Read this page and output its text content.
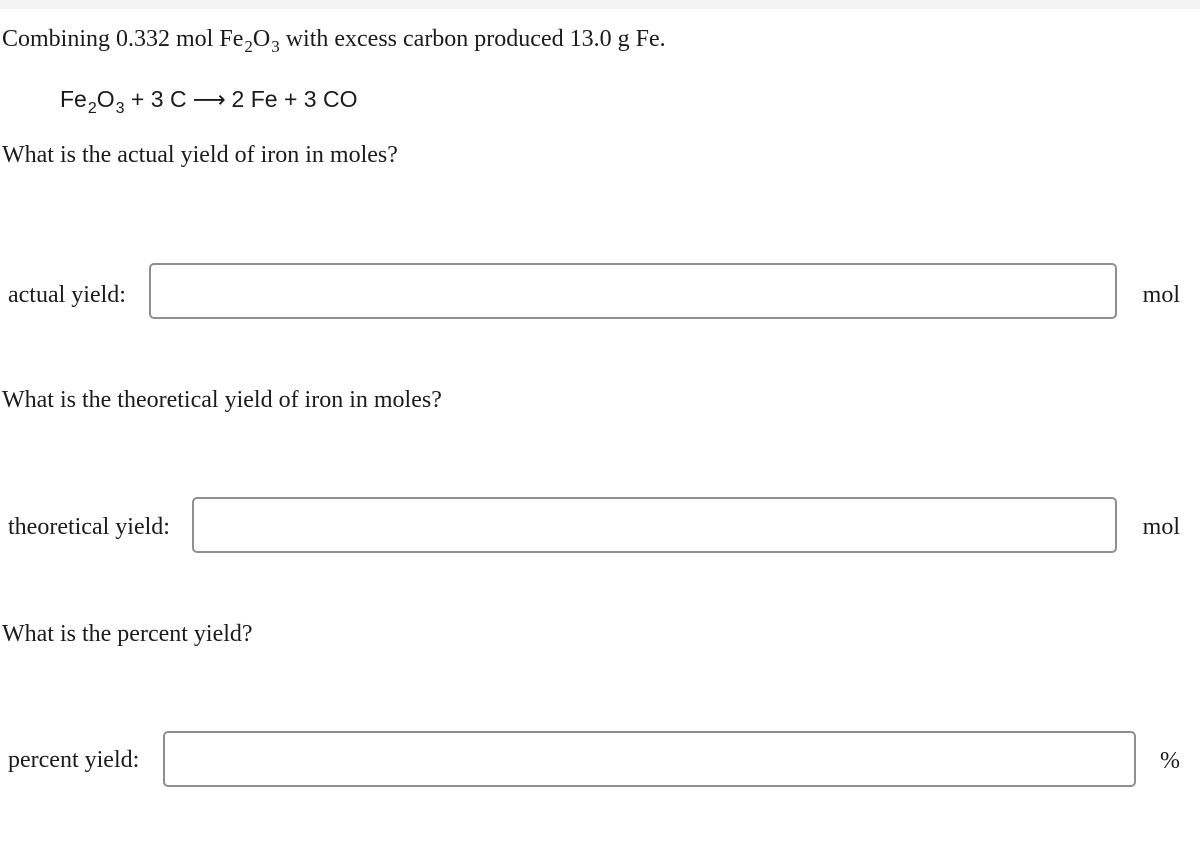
Combining 0.332 mol $Fe_2O_3$ with excess carbon produced 13.0 g Fe.
$Fe_2O_3 + 3$ C ⟶ 2 Fe + 3 CO
What is the actual yield of iron in moles?
actual yield:	mol
What is the theoretical yield of iron in moles?
theoretical yield:	mol
What is the percent yield?
percent yield:	%
